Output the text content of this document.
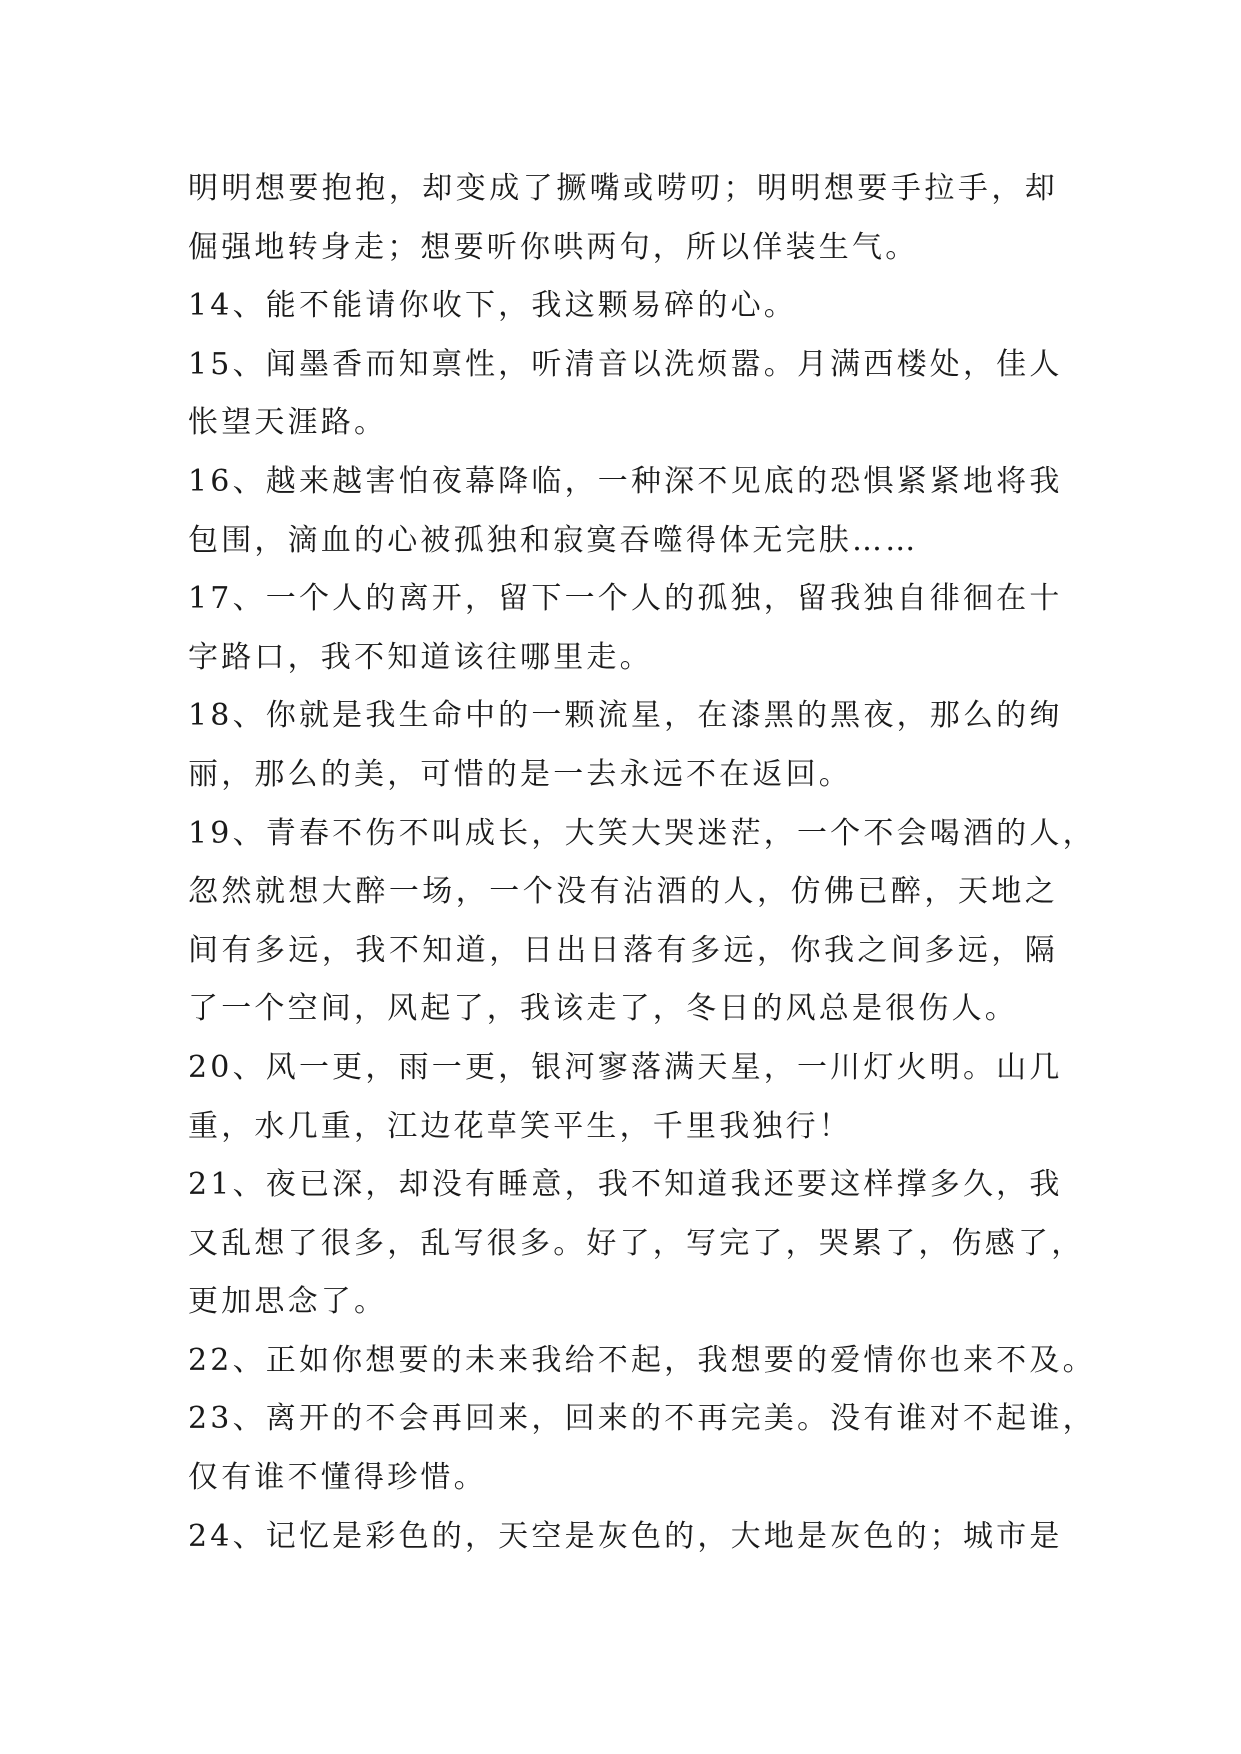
明明想要抱抱，却变成了撅嘴或唠叨；明明想要手拉手，却
倔强地转身走；想要听你哄两句，所以佯装生气。
14、能不能请你收下，我这颗易碎的心。
15、闻墨香而知禀性，听清音以洗烦嚣。月满西楼处，佳人
怅望天涯路。
16、越来越害怕夜幕降临，一种深不见底的恐惧紧紧地将我
包围，滴血的心被孤独和寂寞吞噬得体无完肤……
17、一个人的离开，留下一个人的孤独，留我独自徘徊在十
字路口，我不知道该往哪里走。
18、你就是我生命中的一颗流星，在漆黑的黑夜，那么的绚
丽，那么的美，可惜的是一去永远不在返回。
19、青春不伤不叫成长，大笑大哭迷茫，一个不会喝酒的人，
忽然就想大醉一场，一个没有沾酒的人，仿佛已醉，天地之
间有多远，我不知道，日出日落有多远，你我之间多远，隔
了一个空间，风起了，我该走了，冬日的风总是很伤人。
20、风一更，雨一更，银河寥落满天星，一川灯火明。山几
重，水几重，江边花草笑平生，千里我独行！
21、夜已深，却没有睡意，我不知道我还要这样撑多久，我
又乱想了很多，乱写很多。好了，写完了，哭累了，伤感了，
更加思念了。
22、正如你想要的未来我给不起，我想要的爱情你也来不及。
23、离开的不会再回来，回来的不再完美。没有谁对不起谁，
仅有谁不懂得珍惜。
24、记忆是彩色的，天空是灰色的，大地是灰色的；城市是
